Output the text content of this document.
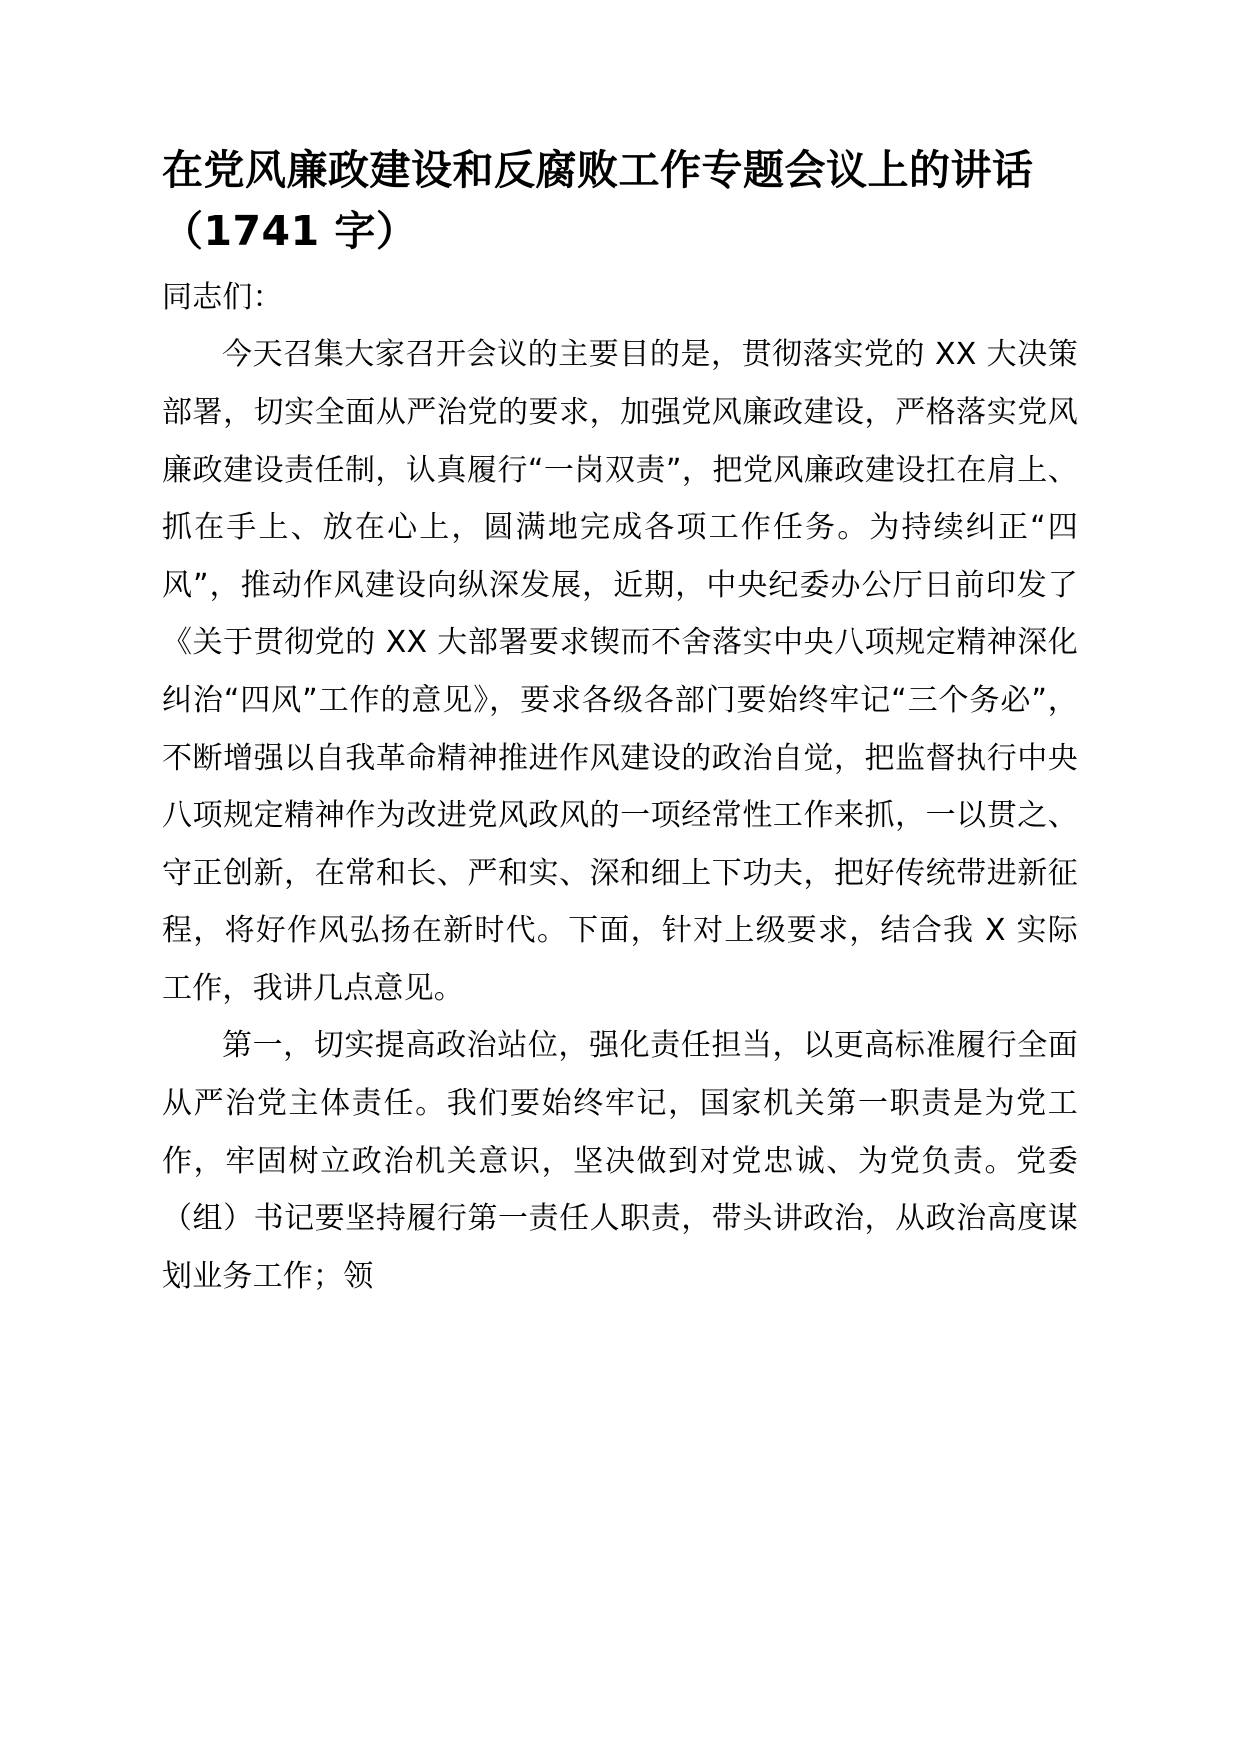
在党风廉政建设和反腐败工作专题会议上的讲话（1741 字）

同志们：

今天召集大家召开会议的主要目的是，贯彻落实党的 XX 大决策部署，切实全面从严治党的要求，加强党风廉政建设，严格落实党风廉政建设责任制，认真履行“一岗双责”，把党风廉政建设扛在肩上、抓在手上、放在心上，圆满地完成各项工作任务。为持续纠正“四风”，推动作风建设向纵深发展，近期，中央纪委办公厅日前印发了《关于贯彻党的 XX 大部署要求锲而不舍落实中央八项规定精神深化纠治“四风”工作的意见》，要求各级各部门要始终牢记“三个务必”，不断增强以自我革命精神推进作风建设的政治自觉，把监督执行中央八项规定精神作为改进党风政风的一项经常性工作来抓，一以贯之、守正创新，在常和长、严和实、深和细上下功夫，把好传统带进新征程，将好作风弘扬在新时代。下面，针对上级要求，结合我 X 实际工作，我讲几点意见。

第一，切实提高政治站位，强化责任担当，以更高标准履行全面从严治党主体责任。我们要始终牢记，国家机关第一职责是为党工作，牢固树立政治机关意识，坚决做到对党忠诚、为党负责。党委（组）书记要坚持履行第一责任人职责，带头讲政治，从政治高度谋划业务工作；领
